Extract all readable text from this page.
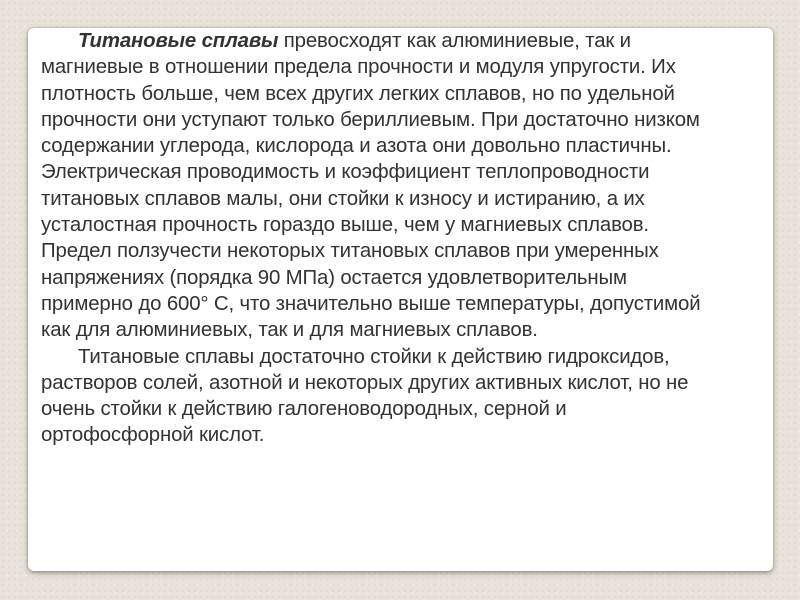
Титановые сплавы превосходят как алюминиевые, так и
магниевые в отношении предела прочности и модуля упругости. Их
плотность больше, чем всех других легких сплавов, но по удельной
прочности они уступают только бериллиевым. При достаточно низком
содержании углерода, кислорода и азота они довольно пластичны.
Электрическая проводимость и коэффициент теплопроводности
титановых сплавов малы, они стойки к износу и истиранию, а их
усталостная прочность гораздо выше, чем у магниевых сплавов.
Предел ползучести некоторых титановых сплавов при умеренных
напряжениях (порядка 90 МПа) остается удовлетворительным
примерно до 600° С, что значительно выше температуры, допустимой
как для алюминиевых, так и для магниевых сплавов.

Титановые сплавы достаточно стойки к действию гидроксидов,
растворов солей, азотной и некоторых других активных кислот, но не
очень стойки к действию галогеноводородных, серной и
ортофосфорной кислот.
